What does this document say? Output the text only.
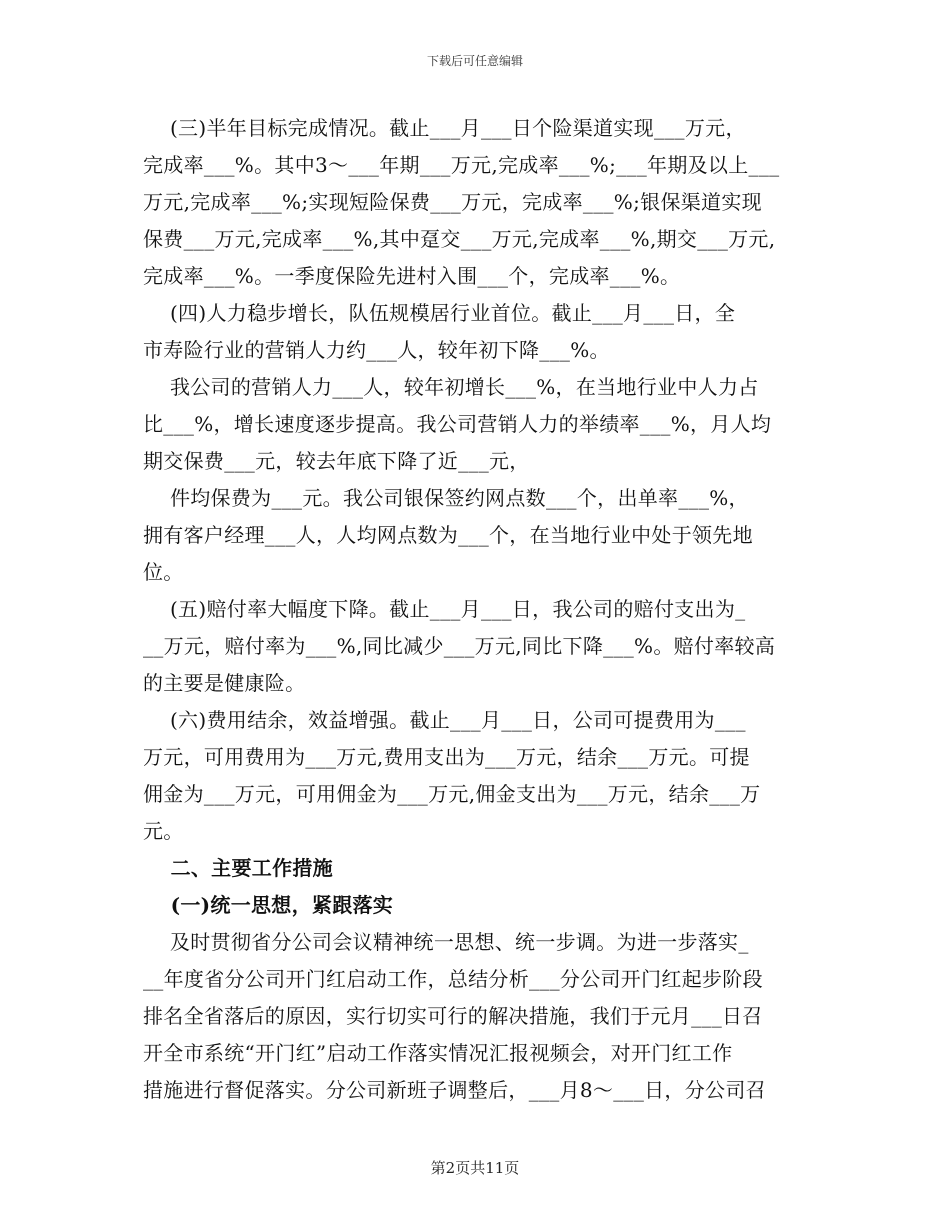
下载后可任意编辑

　 (三)半年目标完成情况。截止___月___日个险渠道实现___万元，

完成率___%。其中3～___年期___万元,完成率___%;___年期及以上___

万元,完成率___%;实现短险保费___万元，完成率___%;银保渠道实现

保费___万元,完成率___%,其中趸交___万元,完成率___%,期交___万元,

完成率___%。一季度保险先进村入围___个，完成率___%。

　 (四)人力稳步增长，队伍规模居行业首位。截止___月___日，全

市寿险行业的营销人力约___人，较年初下降___%。

　 我公司的营销人力___人，较年初增长___%，在当地行业中人力占

比___%，增长速度逐步提高。我公司营销人力的举绩率___%，月人均

期交保费___元，较去年底下降了近___元，

　 件均保费为___元。我公司银保签约网点数___个，出单率___%，

拥有客户经理___人，人均网点数为___个，在当地行业中处于领先地

位。

　 (五)赔付率大幅度下降。截止___月___日，我公司的赔付支出为_

__万元，赔付率为___%,同比减少___万元,同比下降___%。赔付率较高

的主要是健康险。

　 (六)费用结余，效益增强。截止___月___日，公司可提费用为___

万元，可用费用为___万元,费用支出为___万元，结余___万元。可提

佣金为___万元，可用佣金为___万元,佣金支出为___万元，结余___万

元。

　 二、主要工作措施

　 (一)统一思想，紧跟落实

　 及时贯彻省分公司会议精神统一思想、统一步调。为进一步落实_

__年度省分公司开门红启动工作，总结分析___分公司开门红起步阶段

排名全省落后的原因，实行切实可行的解决措施，我们于元月___日召

开全市系统“开门红”启动工作落实情况汇报视频会，对开门红工作

措施进行督促落实。分公司新班子调整后，___月8～___日，分公司召

第2页共11页
